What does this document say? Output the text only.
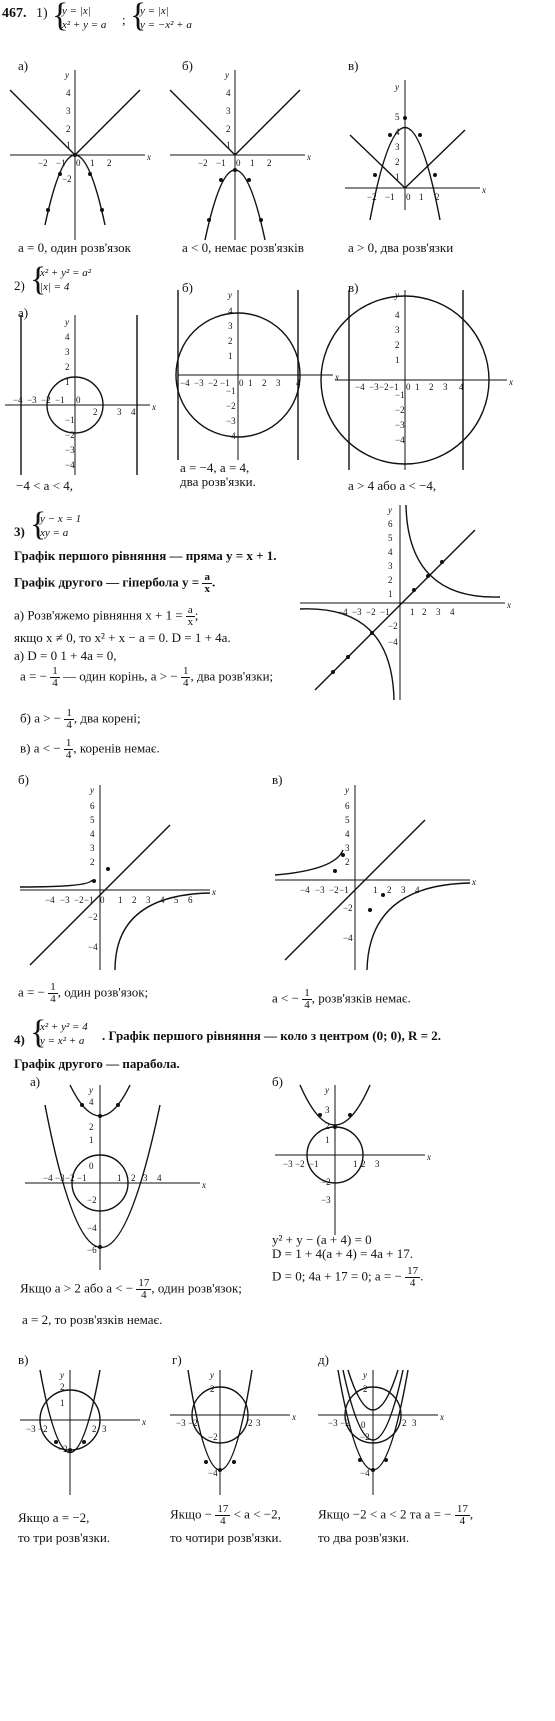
467. 1) {
y = |x|
x² + y = a ; {
y = |x|
y = −x² + a
а)	б)	в)
x
y
4
3
2
1
−2 −1 0 1 2
−2
x
y
4
3
2
1
−2 −1 0 1 2
x
y
5
4
3
2
1
−2 −1 0 1 2
a = 0, один розв'язок	a < 0, немає розв'язків	a > 0, два розв'язки
2) {
x² + y² = a²
|x| = 4
а)
б)	в)
x
y
4
3
2
1
−1
−2
−3
−4
−4 −3 −2 −1 0
2 3 4
x
y
4
3
2
1
−1
−2
−3
−4
−4 −3 −2 −1 0 1 2 3 4	x
y
4
3
2
1
−1
−2
−3
−4
−4 −3 −2 −1 0 1 2 3 4
−4 < a < 4,
a = −4, a = 4,
два розв'язки.	a > 4 або a < −4,
3) {
y − x = 1
xy = a
Графік першого рівняння — пряма y = x + 1.
Графік другого — гіпербола $y = \frac{a}{x}$ .
а) Розв'яжемо рівняння $x + 1 = \frac{a}{x}$ ;
якщо x ≠ 0, то x² + x − a = 0. D = 1 + 4a.
а) D = 0 1 + 4a = 0,
a = − $\frac{1}{4}$ — один корінь, a > − $\frac{1}{4}$ , два розв'язки;
б) a > − $\frac{1}{4}$ , два корені;
в) a < − $\frac{1}{4}$ , коренів немає.
x
y
6
5
4
3
2
1
−2
−4
−4 −3 −2 −1 1 2 3 4
б)	в)
x
y
6
5
4
3
2
−2
−4
−4 −3 −2 −1 0 1 2 3 4 5 6
x
y
6
5
4
3
2
−2
−4
−4 −3 −2 −1	1 2 3 4
a = − $\frac{1}{4}$ , один розв'язок;	a < − $\frac{1}{4}$ , розв'язків немає.
4) {
x² + y² = 4
y = x² + a . Графік першого рівняння — коло з центром (0; 0), R = 2.
Графік другого — парабола.
а)	б)
x
y
4
2
1
0
−2
−4
−6
−4 −3 −2 −1	1 2 3 4
x
y
3
2
1
−2
−3
−3 −2 −1	1 2 3
Якщо a > 2 або a < − $\frac{17}{4}$ , один розв'язок;
a = 2, то розв'язків немає.
y² + y − (a + 4) = 0
D = 1 + 4(a + 4) = 4a + 17.
D = 0; 4a + 17 = 0; a = − $\frac{17}{4}$ .
в)	г)	д)
x
y
2
1
−2
−3 −2	2 3
x
y
2
−2
−4
−3 −2	2 3
x
y
2
0
−2
−4
−3 −2	2 3
Якщо a = −2,
то три розв'язки.
Якщо − $\frac{17}{4} < a < -2$,
то чотири розв'язки.
Якщо −2 < a < 2 та a = − $\frac{17}{4}$ ,
то два розв'язки.
